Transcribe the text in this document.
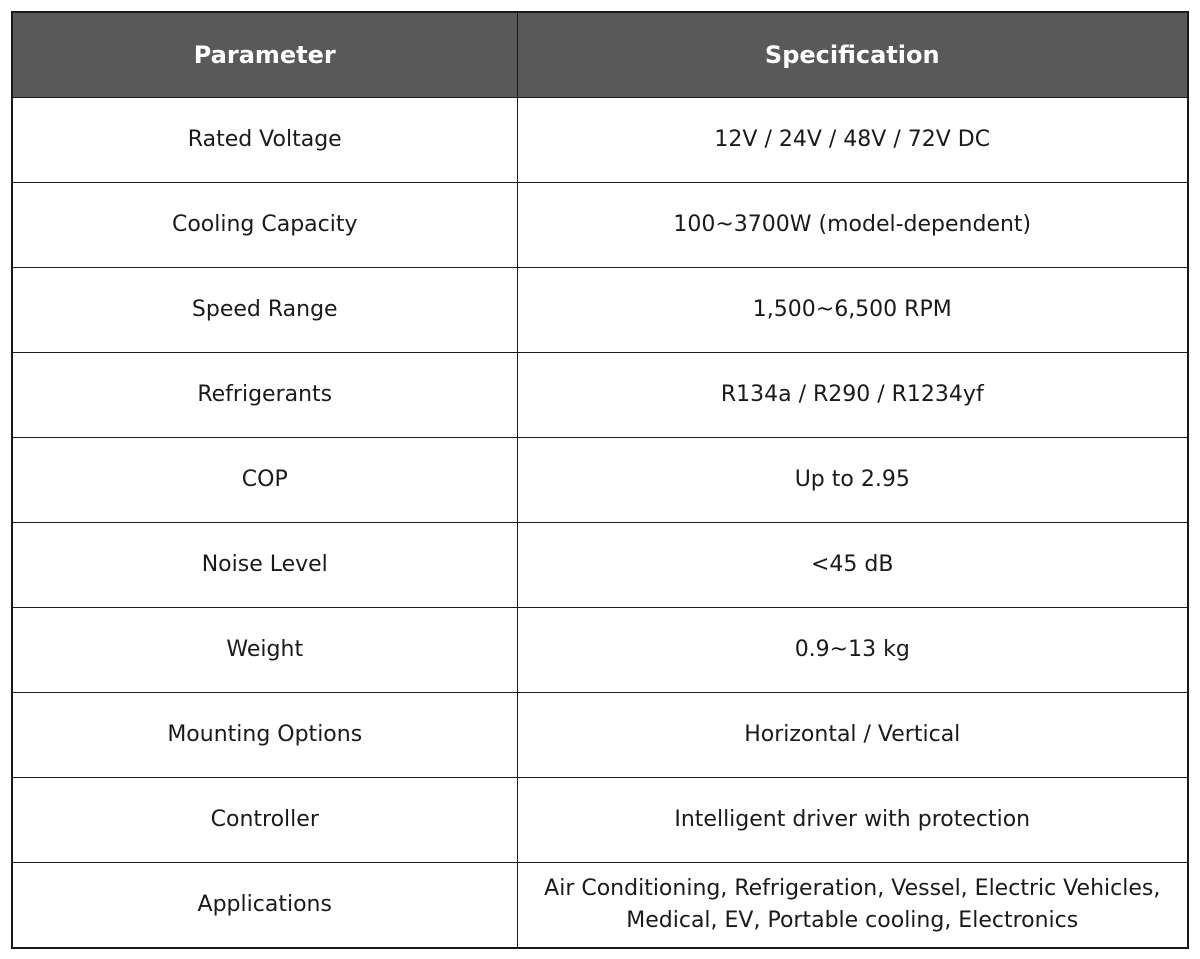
Parameter	Specification
Rated Voltage	12V / 24V / 48V / 72V DC

Cooling Capacity	100~3700W (model-dependent)

Speed Range	1,500~6,500 RPM

Refrigerants	R134a / R290 / R1234yf

COP	Up to 2.95

Noise Level	<45 dB

Weight	0.9~13 kg

Mounting Options	Horizontal / Vertical

Controller	Intelligent driver with protection

Applications	Air Conditioning, Refrigeration, Vessel, Electric Vehicles,
Medical, EV, Portable cooling, Electronics
